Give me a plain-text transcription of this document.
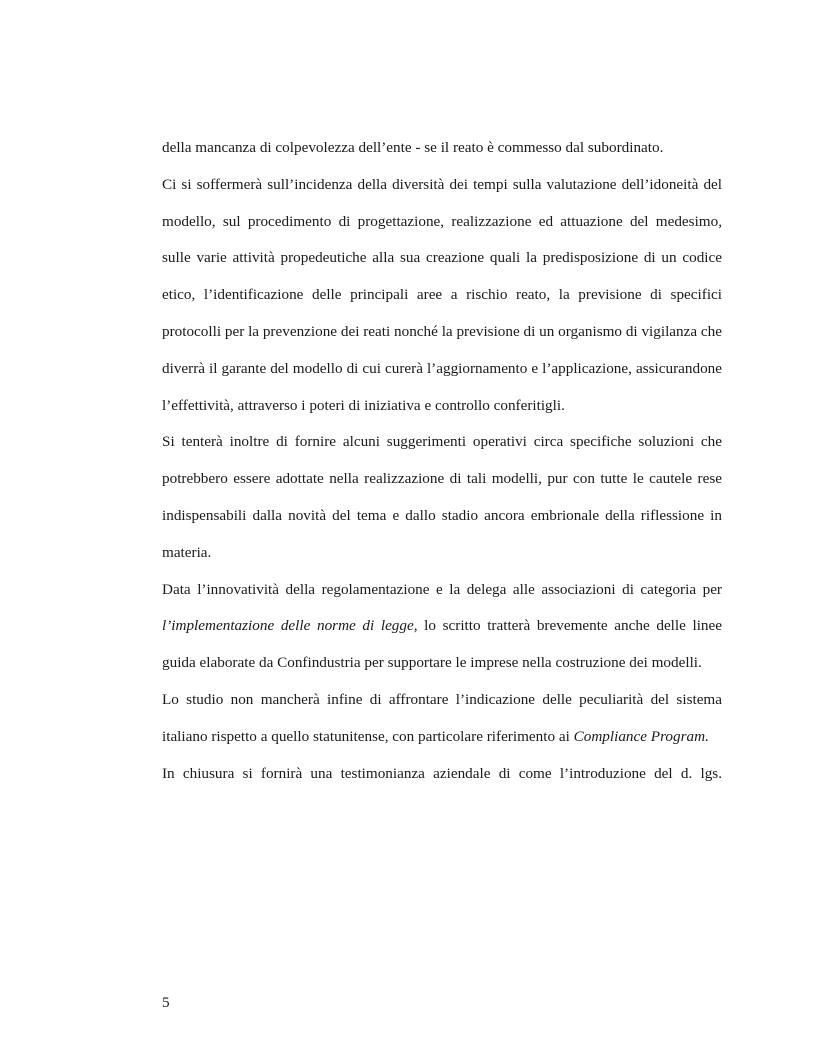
della mancanza di colpevolezza dell’ente - se il reato è commesso dal subordinato.

Ci si soffermerà sull’incidenza della diversità dei tempi sulla valutazione dell’idoneità del modello, sul procedimento di progettazione, realizzazione ed attuazione del medesimo, sulle varie attività propedeutiche alla sua creazione quali la predisposizione di un codice etico, l’identificazione delle principali aree a rischio reato, la previsione di specifici protocolli per la prevenzione dei reati nonché la previsione di un organismo di vigilanza che diverrà il garante del modello di cui curerà l’aggiornamento e l’applicazione, assicurandone l’effettività, attraverso i poteri di iniziativa e controllo conferitigli.

Si tenterà inoltre di fornire alcuni suggerimenti operativi circa specifiche soluzioni che potrebbero essere adottate nella realizzazione di tali modelli, pur con tutte le cautele rese indispensabili dalla novità del tema e dallo stadio ancora embrionale della riflessione in materia.

Data l’innovatività della regolamentazione e la delega alle associazioni di categoria per l’implementazione delle norme di legge, lo scritto tratterà brevemente anche delle linee guida elaborate da Confindustria per supportare le imprese nella costruzione dei modelli.

Lo studio non mancherà infine di affrontare l’indicazione delle peculiarità del sistema italiano rispetto a quello statunitense, con particolare riferimento ai Compliance Program.

In chiusura si fornirà una testimonianza aziendale di come l’introduzione del d. lgs.

5
